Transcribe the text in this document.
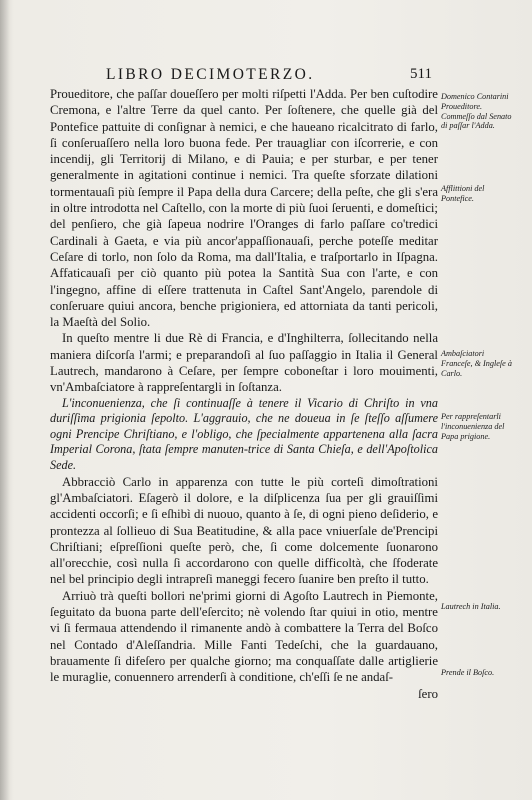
LIBRO DECIMOTERZO.	511

Proueditore, che paſſar doueſſero per molti riſpetti l'Adda. Per ben cuſtodire Cremona, e l'altre Terre da quel canto. Per ſoſtenere, che quelle già del Pontefice pattuite di conſignar à nemici, e che haueano ricalcitrato di farlo, ſi conſeruaſſero nella loro buona fede. Per trauagliar con iſcorrerie, e con incendij, gli Territorij di Milano, e di Pauia; e per sturbar, e per tener generalmente in agitationi continue i nemici. Tra queſte sforzate dilationi tormentauaſi più ſempre il Papa della dura Carcere; della peſte, che gli s'era in oltre introdotta nel Caſtello, con la morte di più ſuoi ſeruenti, e domeſtici; del penſiero, che già ſapeua nodrire l'Oranges di farlo paſſare co'tredici Cardinali à Gaeta, e via più ancor'appaſſionauaſi, perche poteſſe meditar Ceſare di torlo, non ſolo da Roma, ma dall'Italia, e traſportarlo in Iſpagna. Affaticauaſi per ciò quanto più potea la Santità Sua con l'arte, e con l'ingegno, affine di eſſere trattenuta in Caſtel Sant'Angelo, parendole di conſeruare quiui ancora, benche prigioniera, ed attorniata da tanti pericoli, la Maeſtà del Solio.

In queſto mentre li due Rè di Francia, e d'Inghilterra, ſollecitando nella maniera diſcorſa l'armi; e preparandoſi al ſuo paſſaggio in Italia il General Lautrech, mandarono à Ceſare, per ſempre coboneſtar i loro mouimenti, vn'Ambaſciatore à rappreſentargli in ſoſtanza.

L'inconuenienza, che ſi continuaſſe à tenere il Vicario di Chriſto in vna duriſſima prigionia ſepolto. L'aggrauio, che ne doueua in ſe ſteſſo aſſumere ogni Prencipe Chriſtiano, e l'obligo, che ſpecialmente appartenena alla ſacra Imperial Corona, ſtata ſempre manuten-trice di Santa Chieſa, e dell'Apoſtolica Sede.

Abbracciò Carlo in apparenza con tutte le più corteſi dimoſtrationi gl'Ambaſciatori. Eſagerò il dolore, e la diſplicenza ſua per gli grauiſſimi accidenti occorſi; e ſi eſhibì di nuouo, quanto à ſe, di ogni pieno deſiderio, e prontezza al ſollieuo di Sua Beatitudine, & alla pace vniuerſale de'Prencipi Chriſtiani; eſpreſſioni queſte però, che, ſi come dolcemente ſuonarono all'orecchie, così nulla ſi accordarono con quelle difficoltà, che ſfoderate nel bel principio degli intrapreſi maneggi fecero ſuanire ben preſto il tutto.

Arriuò trà queſti bollori ne'primi giorni di Agoſto Lautrech in Piemonte, ſeguitato da buona parte dell'eſercito; nè volendo ſtar quiui in otio, mentre vi ſi fermaua attendendo il rimanente andò à combattere la Terra del Boſco nel Contado d'Aleſſandria. Mille Fanti Tedeſchi, che la guardauano, brauamente ſi difeſero per qualche giorno; ma conquaſſate dalle artiglierie le muraglie, conuennero arrenderſi à conditione, ch'eſſi ſe ne andaſ-

ſero

Domenico Contarini Proueditore. Commeſſo dal Senato di paſſar l'Adda.
Afflittioni del Pontefice.
Ambaſciatori Franceſe, & Ingleſe à Carlo.
Per rappreſentarli l'inconuenienza del Papa prigione.
Lautrech in Italia.
Prende il Boſco.
